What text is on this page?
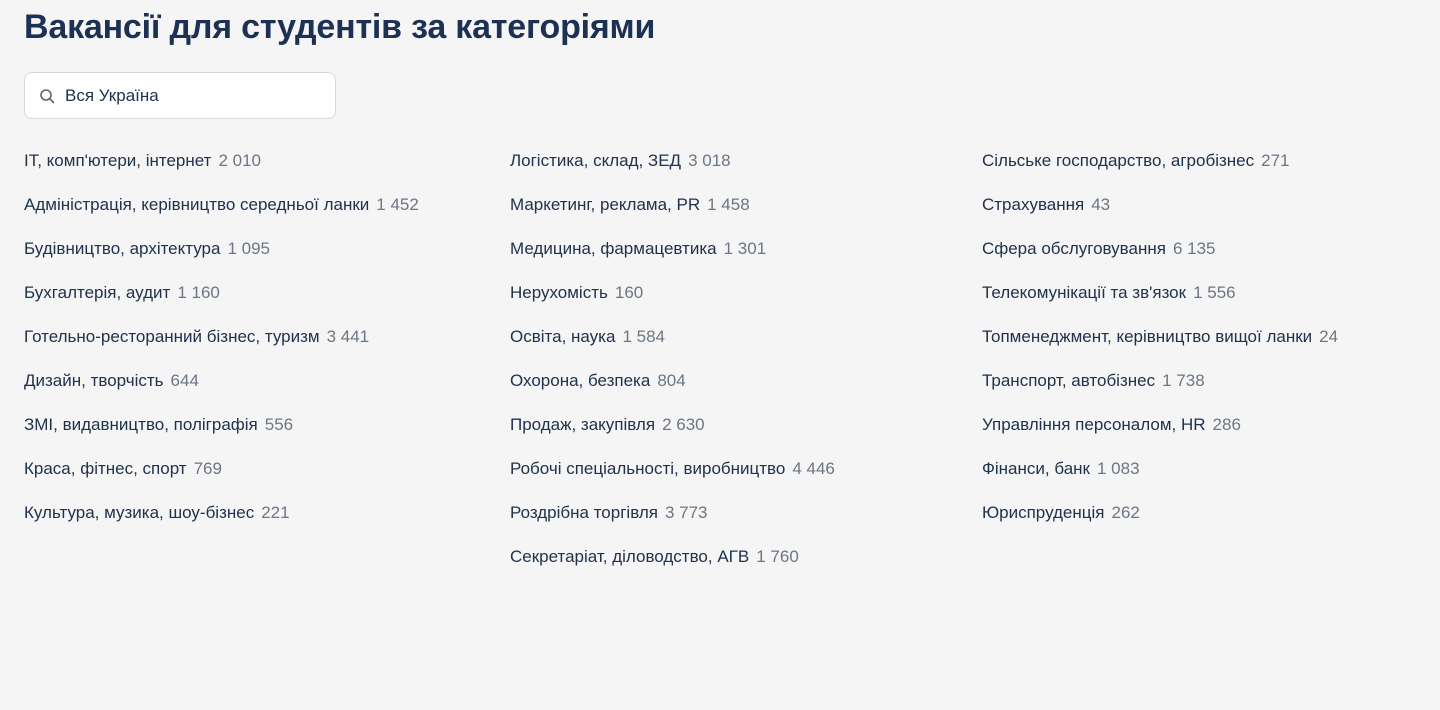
Вакансії для студентів за категоріями
Вся Україна
IT, комп'ютери, інтернет 2 010
Адміністрація, керівництво середньої ланки 1 452
Будівництво, архітектура 1 095
Бухгалтерія, аудит 1 160
Готельно-ресторанний бізнес, туризм 3 441
Дизайн, творчість 644
ЗМІ, видавництво, поліграфія 556
Краса, фітнес, спорт 769
Культура, музика, шоу-бізнес 221
Логістика, склад, ЗЕД 3 018
Маркетинг, реклама, PR 1 458
Медицина, фармацевтика 1 301
Нерухомість 160
Освіта, наука 1 584
Охорона, безпека 804
Продаж, закупівля 2 630
Робочі спеціальності, виробництво 4 446
Роздрібна торгівля 3 773
Секретаріат, діловодство, АГВ 1 760
Сільське господарство, агробізнес 271
Страхування 43
Сфера обслуговування 6 135
Телекомунікації та зв'язок 1 556
Топменеджмент, керівництво вищої ланки 24
Транспорт, автобізнес 1 738
Управління персоналом, HR 286
Фінанси, банк 1 083
Юриспруденція 262
